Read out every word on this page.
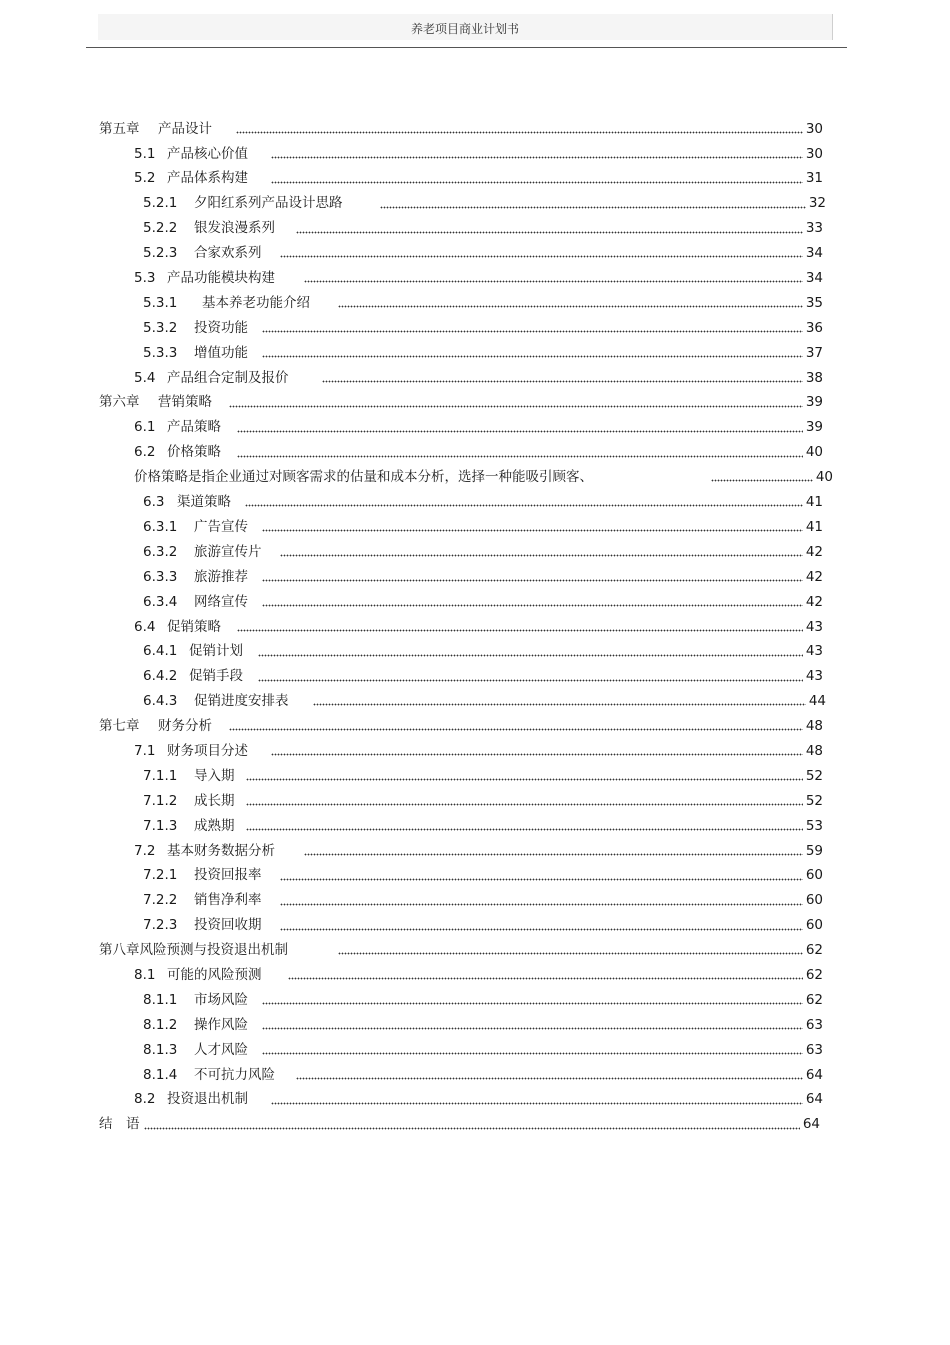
养老项目商业计划书
第五章 产品设计	30
5.1 产品核心价值	30
5.2 产品体系构建	31
5.2.1 夕阳红系列产品设计思路	32
5.2.2 银发浪漫系列	33
5.2.3 合家欢系列	34
5.3 产品功能模块构建	34
5.3.1 基本养老功能介绍	35
5.3.2 投资功能	36
5.3.3 增值功能	37
5.4 产品组合定制及报价	38
第六章 营销策略	39
6.1 产品策略	39
6.2 价格策略	40
价格策略是指企业通过对顾客需求的估量和成本分析，选择一种能吸引顾客、	40
6.3 渠道策略	41
6.3.1 广告宣传	41
6.3.2 旅游宣传片	42
6.3.3 旅游推荐	42
6.3.4 网络宣传	42
6.4 促销策略	43
6.4.1 促销计划	43
6.4.2 促销手段	43
6.4.3 促销进度安排表	44
第七章 财务分析	48
7.1 财务项目分述	48
7.1.1 导入期	52
7.1.2 成长期	52
7.1.3 成熟期	53
7.2 基本财务数据分析	59
7.2.1 投资回报率	60
7.2.2 销售净利率	60
7.2.3 投资回收期	60
第八章风险预测与投资退出机制	62
8.1 可能的风险预测	62
8.1.1 市场风险	62
8.1.2 操作风险	63
8.1.3 人才风险	63
8.1.4 不可抗力风险	64
8.2 投资退出机制	64
结　语	64
